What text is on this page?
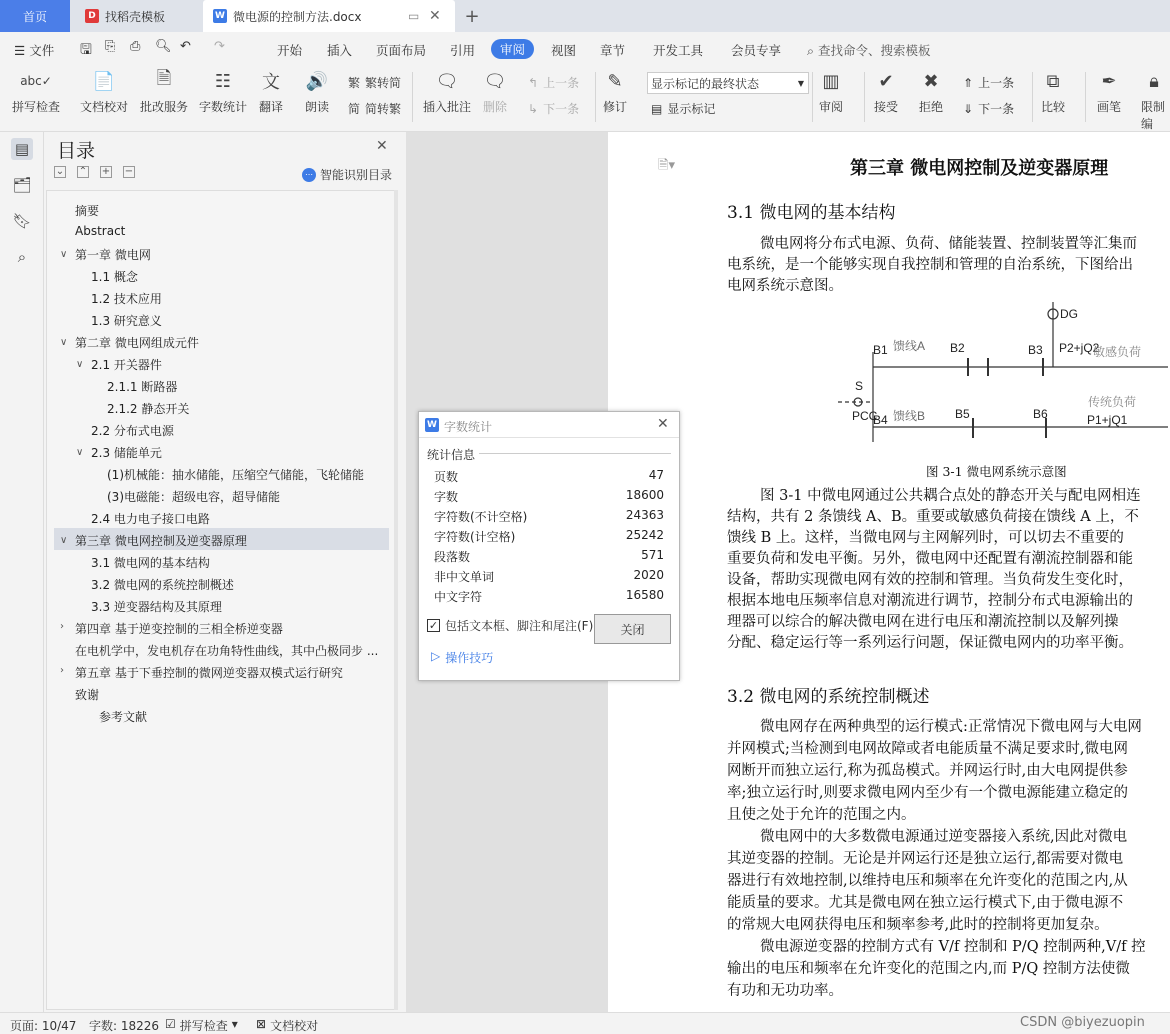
首页	D 找稻壳模板	W 微电源的控制方法.docx	▭ ✕ +
☰ 文件 🖫 ⎘ ⎙ 🔍︎ ↶ ↷	开始 插入 页面布局 引用	审阅	视图 章节 开发工具 会员专享 ⌕ 查找命令、搜索模板
abc✓
拼写检查
📄
文档校对
🗎
批改服务
☷
字数统计
文
翻译
🔊
朗读
繁 繁转简
简 简转繁
🗨
插入批注
🗨
删除
↰ 上一条
↳ 下一条
✎
修订
显示标记的最终状态	▼
▤ 显示标记
▥
审阅
✔
接受
✖
拒绝
⇑ 上一条
⇓ 下一条
⧉
比较
✒
画笔
🔒︎
限制编
▤
🗂︎
🔖︎
⌕
目录	✕
⌄ ⌃ + −	⋯ 智能识别目录
摘要
Abstract
∨ 第一章 微电网
1.1 概念
1.2 技术应用
1.3 研究意义
∨ 第二章 微电网组成元件
∨ 2.1 开关器件
2.1.1 断路器
2.1.2 静态开关
2.2 分布式电源
∨ 2.3 储能单元
(1)机械能：抽水储能，压缩空气储能，飞轮储能
(3)电磁能：超级电容，超导储能
2.4 电力电子接口电路
∨ 第三章 微电网控制及逆变器原理
3.1 微电网的基本结构
3.2 微电网的系统控制概述
3.3 逆变器结构及其原理
› 第四章 基于逆变控制的三相全桥逆变器
在电机学中，发电机存在功角特性曲线，其中凸极同步 ...
› 第五章 基于下垂控制的微网逆变器双模式运行研究
致谢
参考文献
🗎▾	第三章 微电网控制及逆变器原理
3.1 微电网的基本结构
微电网将分布式电源、负荷、储能装置、控制装置等汇集而
电系统，是一个能够实现自我控制和管理的自治系统，下图给出
电网系统示意图。
DG
B1 馈线A B2	B3 P2+jQ2
敏感负荷
S
PCC
B4 馈线B B5	B6
传统负荷
P1+jQ1
图 3-1 微电网系统示意图
图 3-1 中微电网通过公共耦合点处的静态开关与配电网相连
结构，共有 2 条馈线 A、B。重要或敏感负荷接在馈线 A 上，不
馈线 B 上。这样，当微电网与主网解列时，可以切去不重要的
重要负荷和发电平衡。另外，微电网中还配置有潮流控制器和能
设备，帮助实现微电网有效的控制和管理。当负荷发生变化时，
根据本地电压频率信息对潮流进行调节，控制分布式电源输出的
理器可以综合的解决微电网在进行电压和潮流控制以及解列操
分配、稳定运行等一系列运行问题，保证微电网内的功率平衡。
3.2 微电网的系统控制概述
微电网存在两种典型的运行模式:正常情况下微电网与大电网
并网模式;当检测到电网故障或者电能质量不满足要求时,微电网
网断开而独立运行,称为孤岛模式。并网运行时,由大电网提供参
率;独立运行时,则要求微电网内至少有一个微电源能建立稳定的
且使之处于允许的范围之内。
微电网中的大多数微电源通过逆变器接入系统,因此对微电
其逆变器的控制。无论是并网运行还是独立运行,都需要对微电
器进行有效地控制,以维持电压和频率在允许变化的范围之内,从
能质量的要求。尤其是微电网在独立运行模式下,由于微电源不
的常规大电网获得电压和频率参考,此时的控制将更加复杂。
微电源逆变器的控制方式有 V/f 控制和 P/Q 控制两种,V/f 控
输出的电压和频率在允许变化的范围之内,而 P/Q 控制方法使微
有功和无功功率。
W 字数统计	✕
统计信息
页数	47
字数	18600
字符数(不计空格)	24363
字符数(计空格)	25242
段落数	571
非中文单词	2020
中文字符	16580
✓ 包括文本框、脚注和尾注(F)
▷ 操作技巧
关闭
页面: 10/47 字数: 18226 ☑ 拼写检查 ▾ ⊠ 文档校对	CSDN @biyezuopin
